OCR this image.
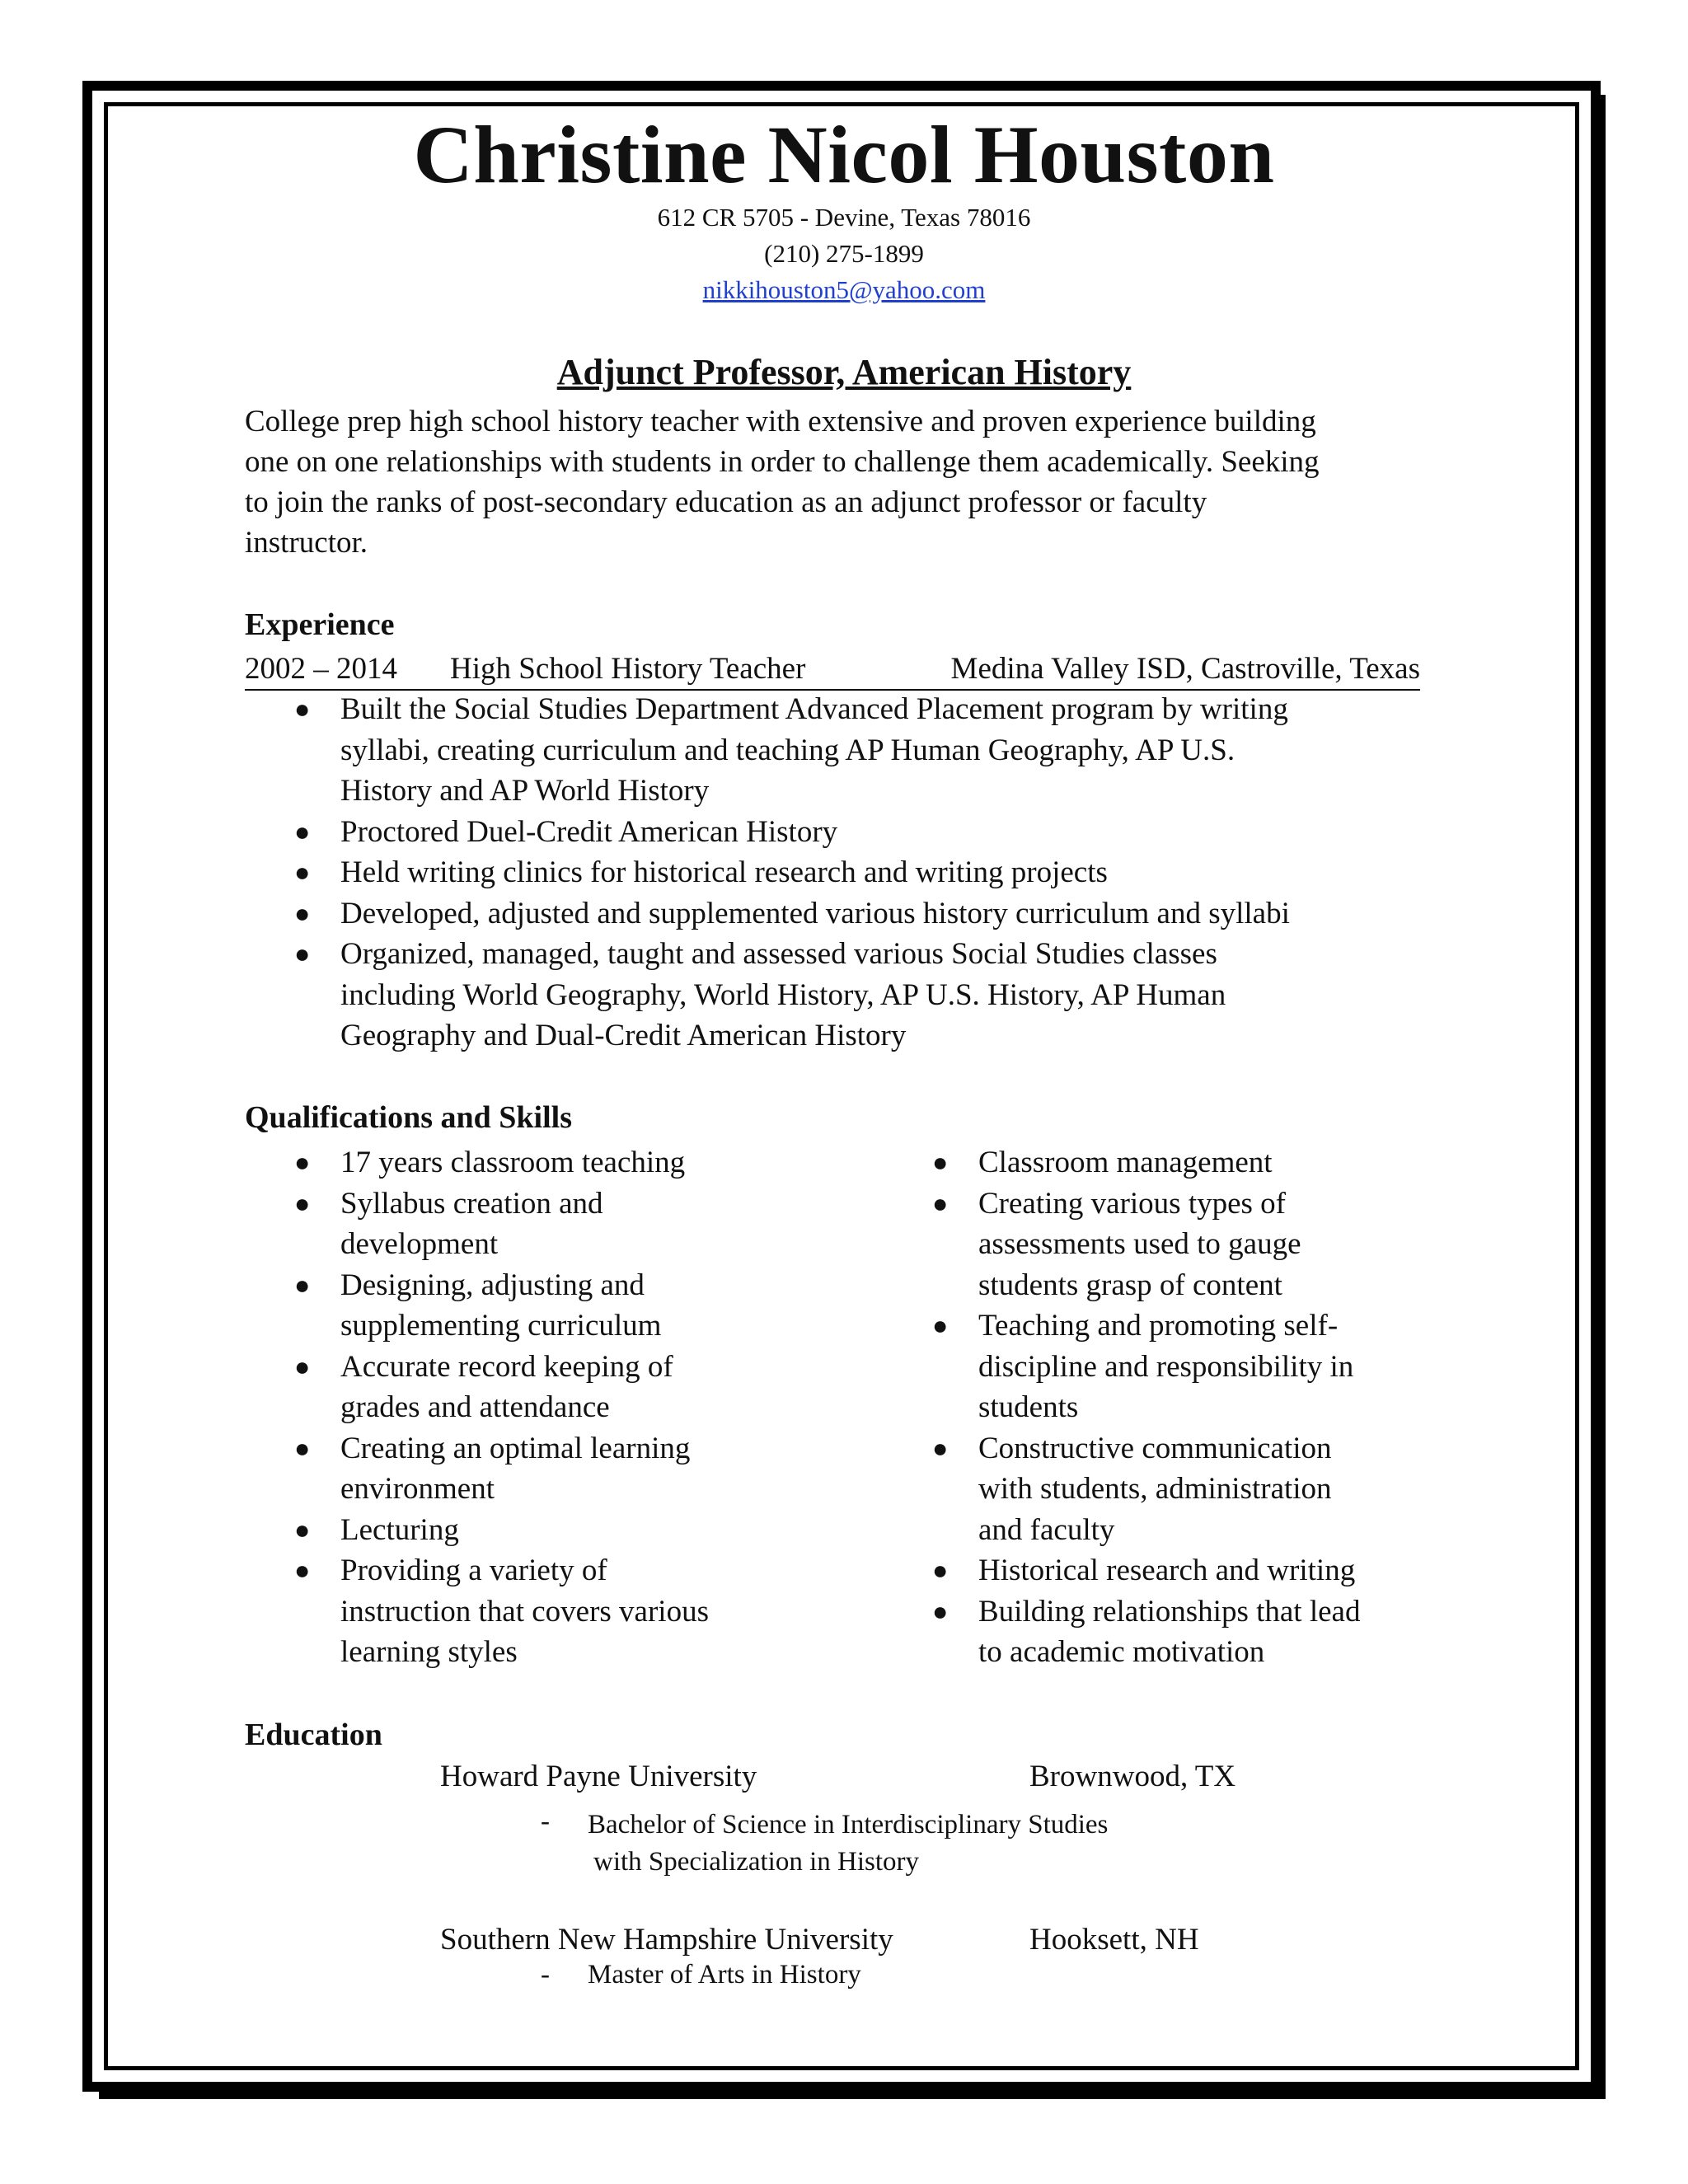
Christine Nicol Houston
612 CR 5705 - Devine, Texas 78016
(210) 275-1899
nikkihouston5@yahoo.com
Adjunct Professor, American History
College prep high school history teacher with extensive and proven experience building
one on one relationships with students in order to challenge them academically. Seeking
to join the ranks of post-secondary education as an adjunct professor or faculty
instructor.
Experience
2002 – 2014 High School History Teacher	Medina Valley ISD, Castroville, Texas
● Built the Social Studies Department Advanced Placement program by writing
syllabi, creating curriculum and teaching AP Human Geography, AP U.S.
History and AP World History
● Proctored Duel-Credit American History
● Held writing clinics for historical research and writing projects
● Developed, adjusted and supplemented various history curriculum and syllabi
● Organized, managed, taught and assessed various Social Studies classes
including World Geography, World History, AP U.S. History, AP Human
Geography and Dual-Credit American History
Qualifications and Skills
● 17 years classroom teaching
● Syllabus creation and
development
● Designing, adjusting and
supplementing curriculum
● Accurate record keeping of
grades and attendance
● Creating an optimal learning
environment
● Lecturing
● Providing a variety of
instruction that covers various
learning styles
● Classroom management
● Creating various types of
assessments used to gauge
students grasp of content
● Teaching and promoting self-
discipline and responsibility in
students
● Constructive communication
with students, administration
and faculty
● Historical research and writing
● Building relationships that lead
to academic motivation
Education
Howard Payne University	Brownwood, TX
- Bachelor of Science in Interdisciplinary Studies
with Specialization in History
Southern New Hampshire University	Hooksett, NH
- Master of Arts in History
